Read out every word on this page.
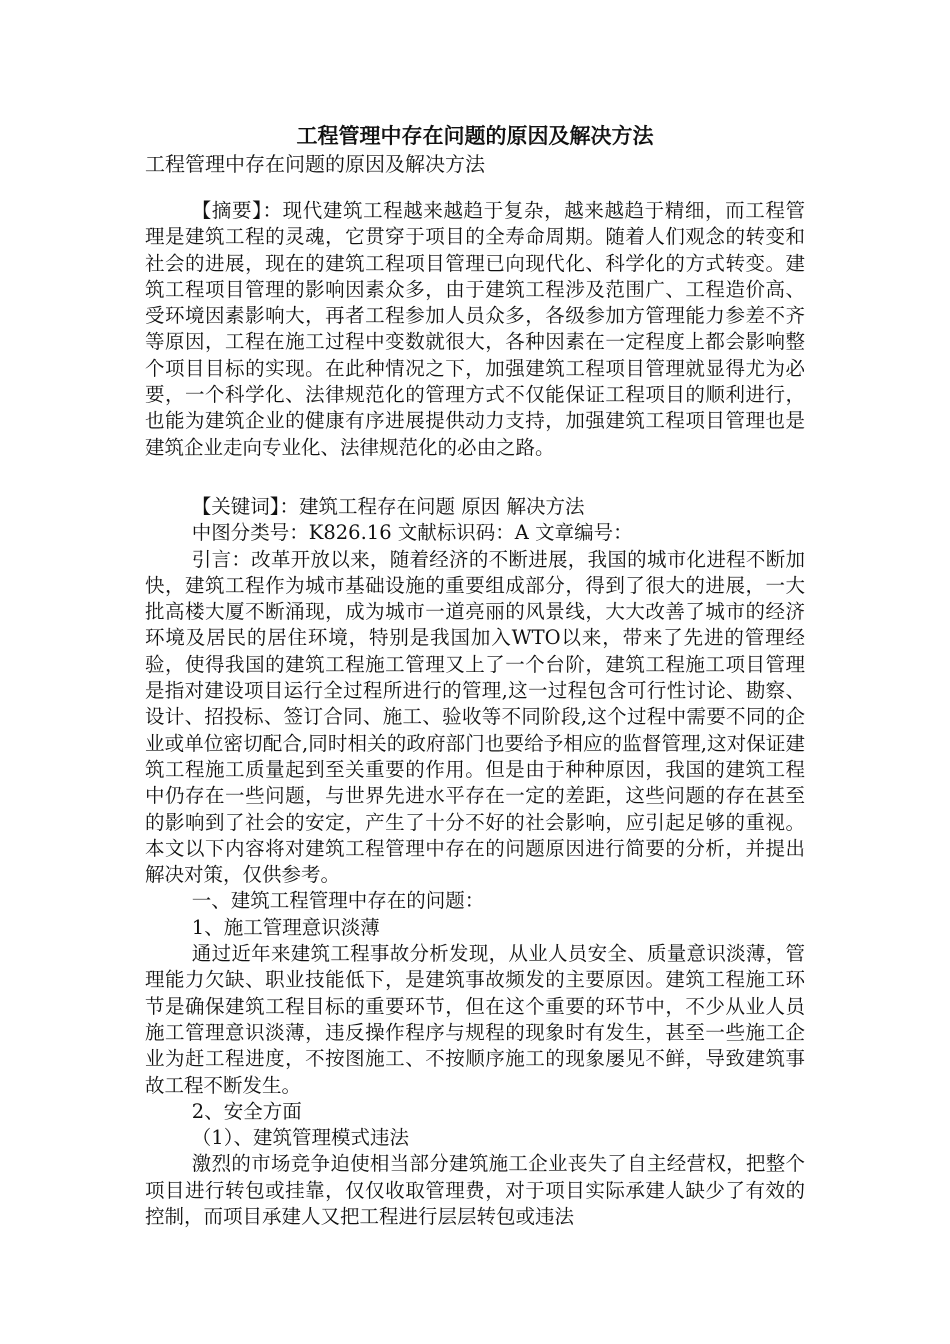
工程管理中存在问题的原因及解决方法
工程管理中存在问题的原因及解决方法

【摘要】：现代建筑工程越来越趋于复杂，越来越趋于精细，而工程管理是建筑工程的灵魂，它贯穿于项目的全寿命周期。随着人们观念的转变和社会的进展，现在的建筑工程项目管理已向现代化、科学化的方式转变。建筑工程项目管理的影响因素众多，由于建筑工程涉及范围广、工程造价高、受环境因素影响大，再者工程参加人员众多，各级参加方管理能力参差不齐等原因，工程在施工过程中变数就很大，各种因素在一定程度上都会影响整个项目目标的实现。在此种情况之下，加强建筑工程项目管理就显得尤为必要，一个科学化、法律规范化的管理方式不仅能保证工程项目的顺利进行，也能为建筑企业的健康有序进展提供动力支持，加强建筑工程项目管理也是建筑企业走向专业化、法律规范化的必由之路。

【关键词】：建筑工程存在问题 原因 解决方法

中图分类号：K826.16 文献标识码：A 文章编号：

引言：改革开放以来，随着经济的不断进展，我国的城市化进程不断加快，建筑工程作为城市基础设施的重要组成部分，得到了很大的进展，一大批高楼大厦不断涌现，成为城市一道亮丽的风景线，大大改善了城市的经济环境及居民的居住环境，特别是我国加入WTO以来，带来了先进的管理经验，使得我国的建筑工程施工管理又上了一个台阶，建筑工程施工项目管理是指对建设项目运行全过程所进行的管理,这一过程包含可行性讨论、勘察、设计、招投标、签订合同、施工、验收等不同阶段,这个过程中需要不同的企业或单位密切配合,同时相关的政府部门也要给予相应的监督管理,这对保证建筑工程施工质量起到至关重要的作用。但是由于种种原因，我国的建筑工程中仍存在一些问题，与世界先进水平存在一定的差距，这些问题的存在甚至的影响到了社会的安定，产生了十分不好的社会影响，应引起足够的重视。本文以下内容将对建筑工程管理中存在的问题原因进行简要的分析，并提出解决对策，仅供参考。

一、建筑工程管理中存在的问题：

1、施工管理意识淡薄

通过近年来建筑工程事故分析发现，从业人员安全、质量意识淡薄，管理能力欠缺、职业技能低下，是建筑事故频发的主要原因。建筑工程施工环节是确保建筑工程目标的重要环节，但在这个重要的环节中，不少从业人员施工管理意识淡薄，违反操作程序与规程的现象时有发生，甚至一些施工企业为赶工程进度，不按图施工、不按顺序施工的现象屡见不鲜，导致建筑事故工程不断发生。

2、安全方面

（1）、建筑管理模式违法

激烈的市场竞争迫使相当部分建筑施工企业丧失了自主经营权，把整个项目进行转包或挂靠，仅仅收取管理费，对于项目实际承建人缺少了有效的控制，而项目承建人又把工程进行层层转包或违法
